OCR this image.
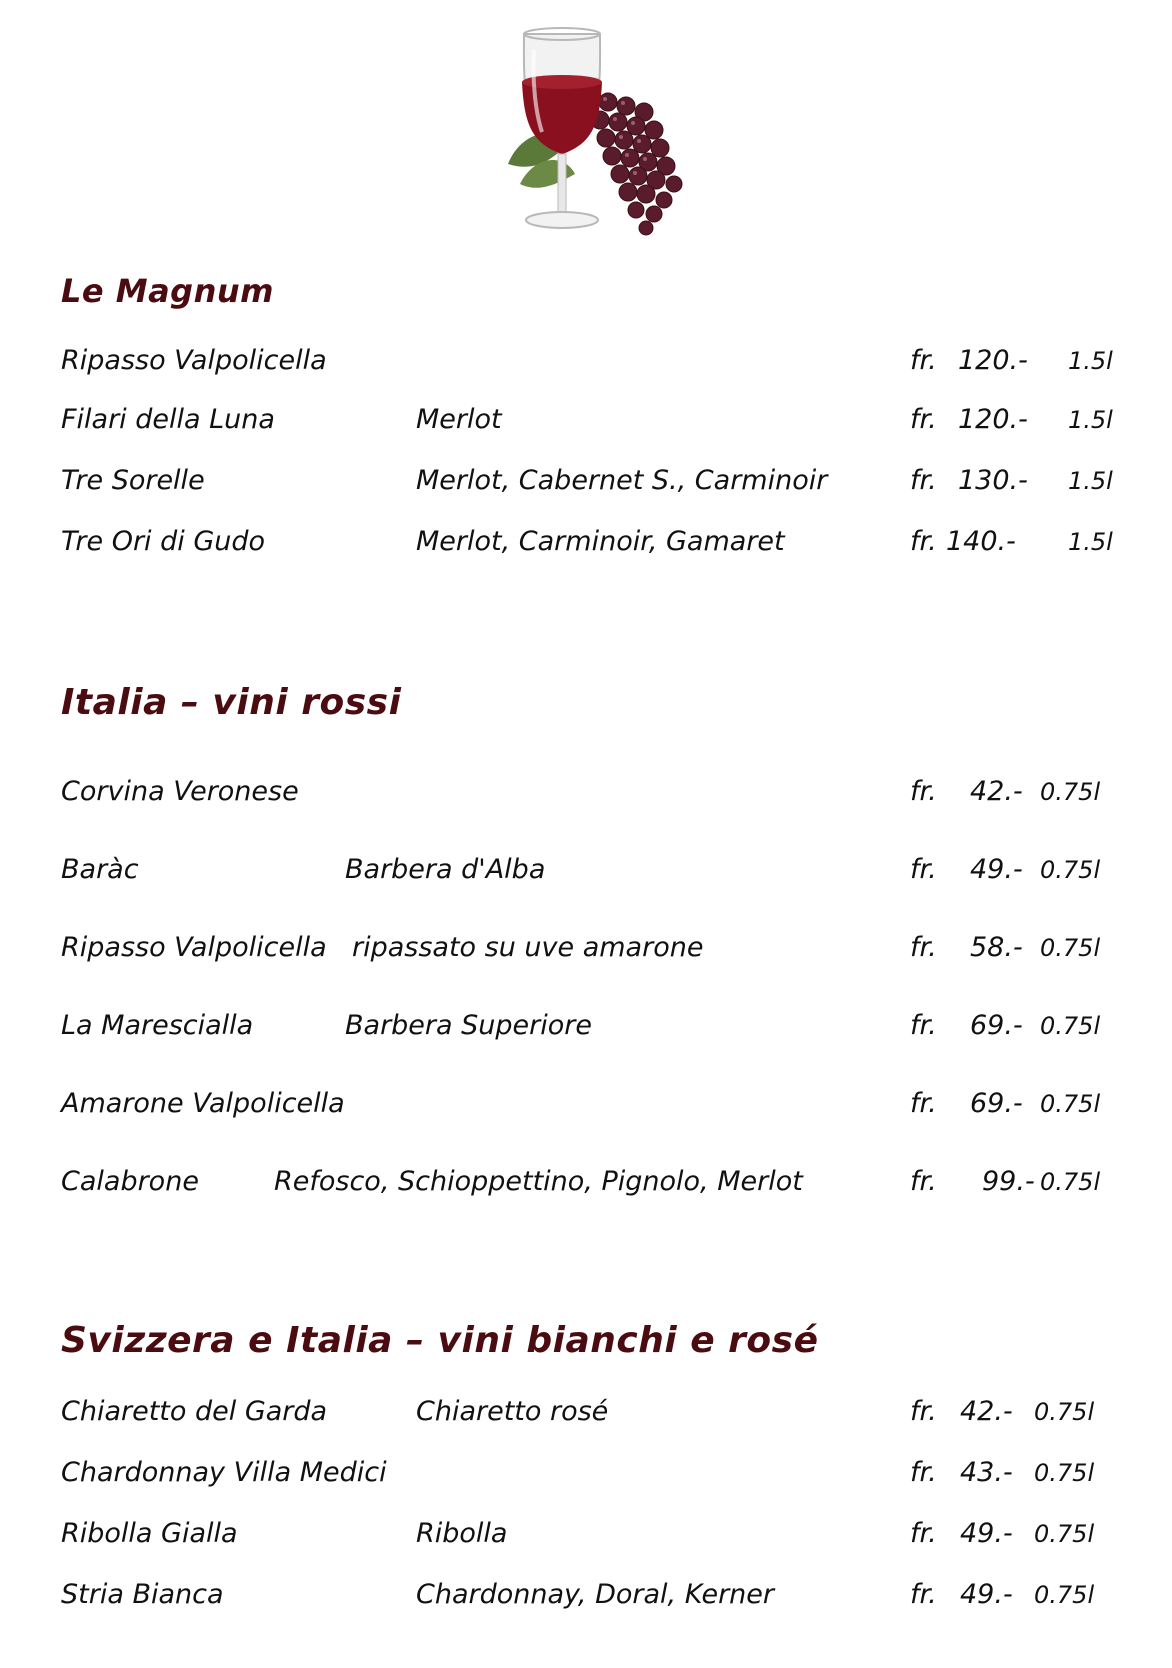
Le Magnum
Ripasso Valpolicella	fr. 120.- 1.5l
Filari della Luna	Merlot	fr. 120.- 1.5l
Tre Sorelle	Merlot, Cabernet S., Carminoir	fr. 130.- 1.5l
Tre Ori di Gudo	Merlot, Carminoir, Gamaret	fr. 140.- 1.5l
Italia – vini rossi
Corvina Veronese	fr. 42.- 0.75l
Baràc	Barbera d'Alba	fr. 49.- 0.75l
Ripasso Valpolicella ripassato su uve amarone	fr. 58.- 0.75l
La Marescialla	Barbera Superiore	fr. 69.- 0.75l
Amarone Valpolicella	fr. 69.- 0.75l
Calabrone	Refosco, Schioppettino, Pignolo, Merlot	fr. 99.- 0.75l
Svizzera e Italia – vini bianchi e rosé
Chiaretto del Garda	Chiaretto rosé	fr. 42.- 0.75l
Chardonnay Villa Medici	fr. 43.- 0.75l
Ribolla Gialla	Ribolla	fr. 49.- 0.75l
Stria Bianca	Chardonnay, Doral, Kerner	fr. 49.- 0.75l
